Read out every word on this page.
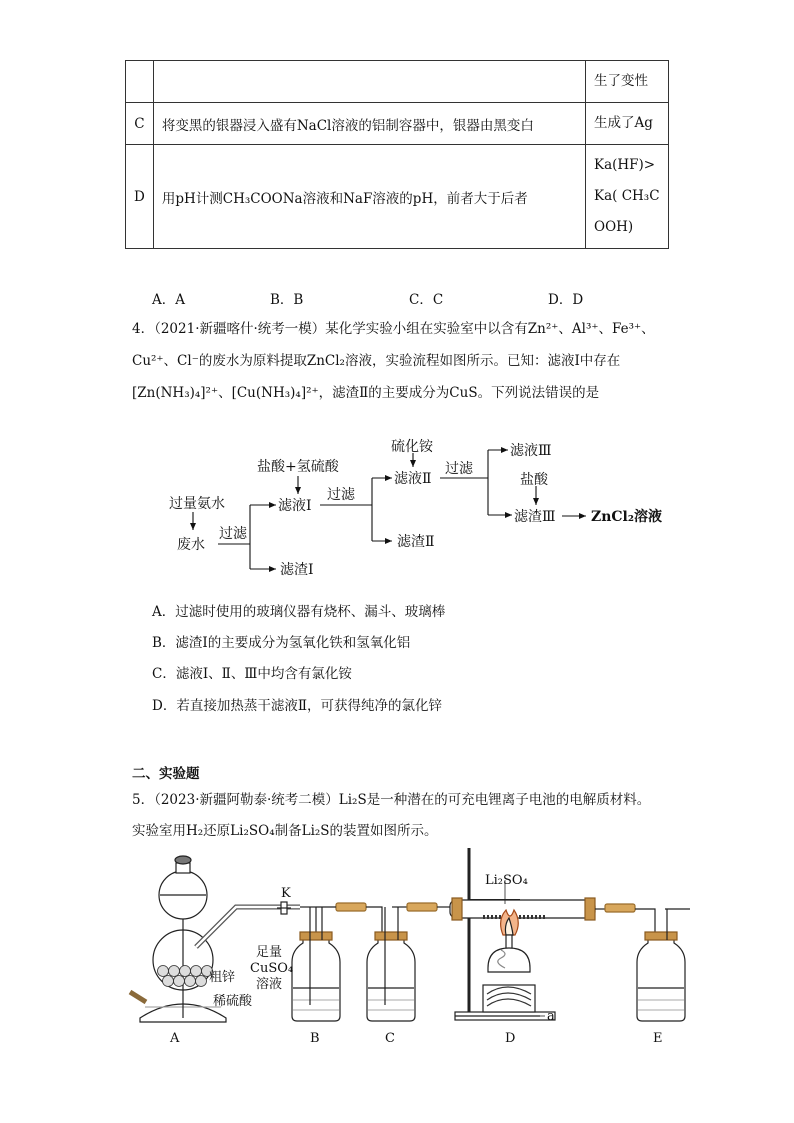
		生了变性
C	将变黑的银器浸入盛有NaCl溶液的铝制容器中，银器由黑变白	生成了Ag
D	用pH计测CH₃COONa溶液和NaF溶液的pH，前者大于后者	Ka(HF)>
Ka( CH₃C
OOH)
A．A	B．B	C．C	D．D
4．（2021·新疆喀什·统考一模）某化学实验小组在实验室中以含有Zn²⁺、Al³⁺、Fe³⁺、
Cu²⁺、Cl⁻的废水为原料提取ZnCl₂溶液，实验流程如图所示。已知：滤液Ⅰ中存在
[Zn(NH₃)₄]²⁺、[Cu(NH₃)₄]²⁺，滤渣Ⅱ的主要成分为CuS。下列说法错误的是
过量氨水
废水
过滤
滤液Ⅰ
滤渣Ⅰ
盐酸+氢硫酸
过滤
滤液Ⅱ
滤渣Ⅱ
硫化铵
过滤
滤液Ⅲ
滤渣Ⅲ
盐酸
ZnCl₂溶液
A．过滤时使用的玻璃仪器有烧杯、漏斗、玻璃棒
B．滤渣Ⅰ的主要成分为氢氧化铁和氢氧化铝
C．滤液Ⅰ、Ⅱ、Ⅲ中均含有氯化铵
D．若直接加热蒸干滤液Ⅱ，可获得纯净的氯化锌
二、实验题
5．（2023·新疆阿勒泰·统考二模）Li₂S是一种潜在的可充电锂离子电池的电解质材料。
实验室用H₂还原Li₂SO₄制备Li₂S的装置如图所示。
K
Li₂SO₄
粗锌
稀硫酸
足量
CuSO₄
溶液
a
A	B	C	D	E
